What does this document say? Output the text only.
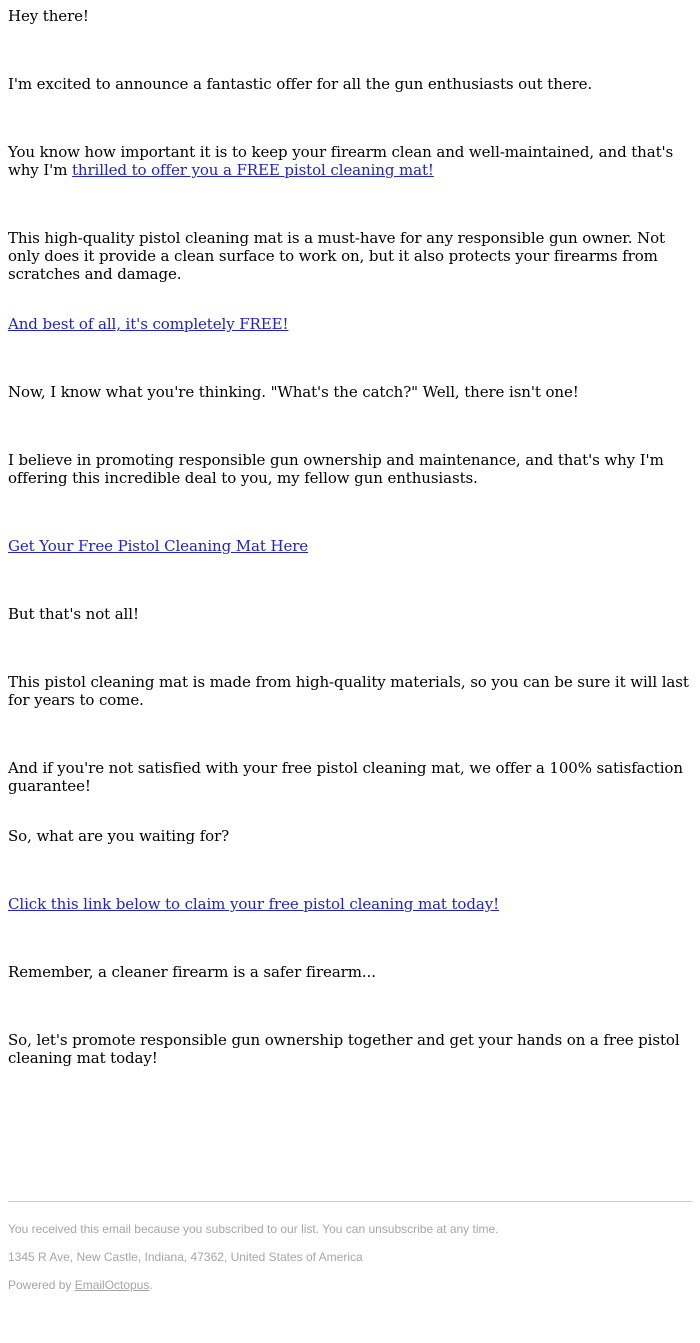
Hey there!

I'm excited to announce a fantastic offer for all the gun enthusiasts out there.

You know how important it is to keep your firearm clean and well-maintained, and that's why I'm thrilled to offer you a FREE pistol cleaning mat!

This high-quality pistol cleaning mat is a must-have for any responsible gun owner. Not only does it provide a clean surface to work on, but it also protects your firearms from scratches and damage.

And best of all, it's completely FREE!

Now, I know what you're thinking. "What's the catch?" Well, there isn't one!

I believe in promoting responsible gun ownership and maintenance, and that's why I'm offering this incredible deal to you, my fellow gun enthusiasts.

Get Your Free Pistol Cleaning Mat Here

But that's not all!

This pistol cleaning mat is made from high-quality materials, so you can be sure it will last for years to come.

And if you're not satisfied with your free pistol cleaning mat, we offer a 100% satisfaction guarantee!

So, what are you waiting for?

Click this link below to claim your free pistol cleaning mat today!

Remember, a cleaner firearm is a safer firearm...

So, let's promote responsible gun ownership together and get your hands on a free pistol cleaning mat today!

You received this email because you subscribed to our list. You can unsubscribe at any time.

1345 R Ave, New Castle, Indiana, 47362, United States of America

Powered by EmailOctopus.
